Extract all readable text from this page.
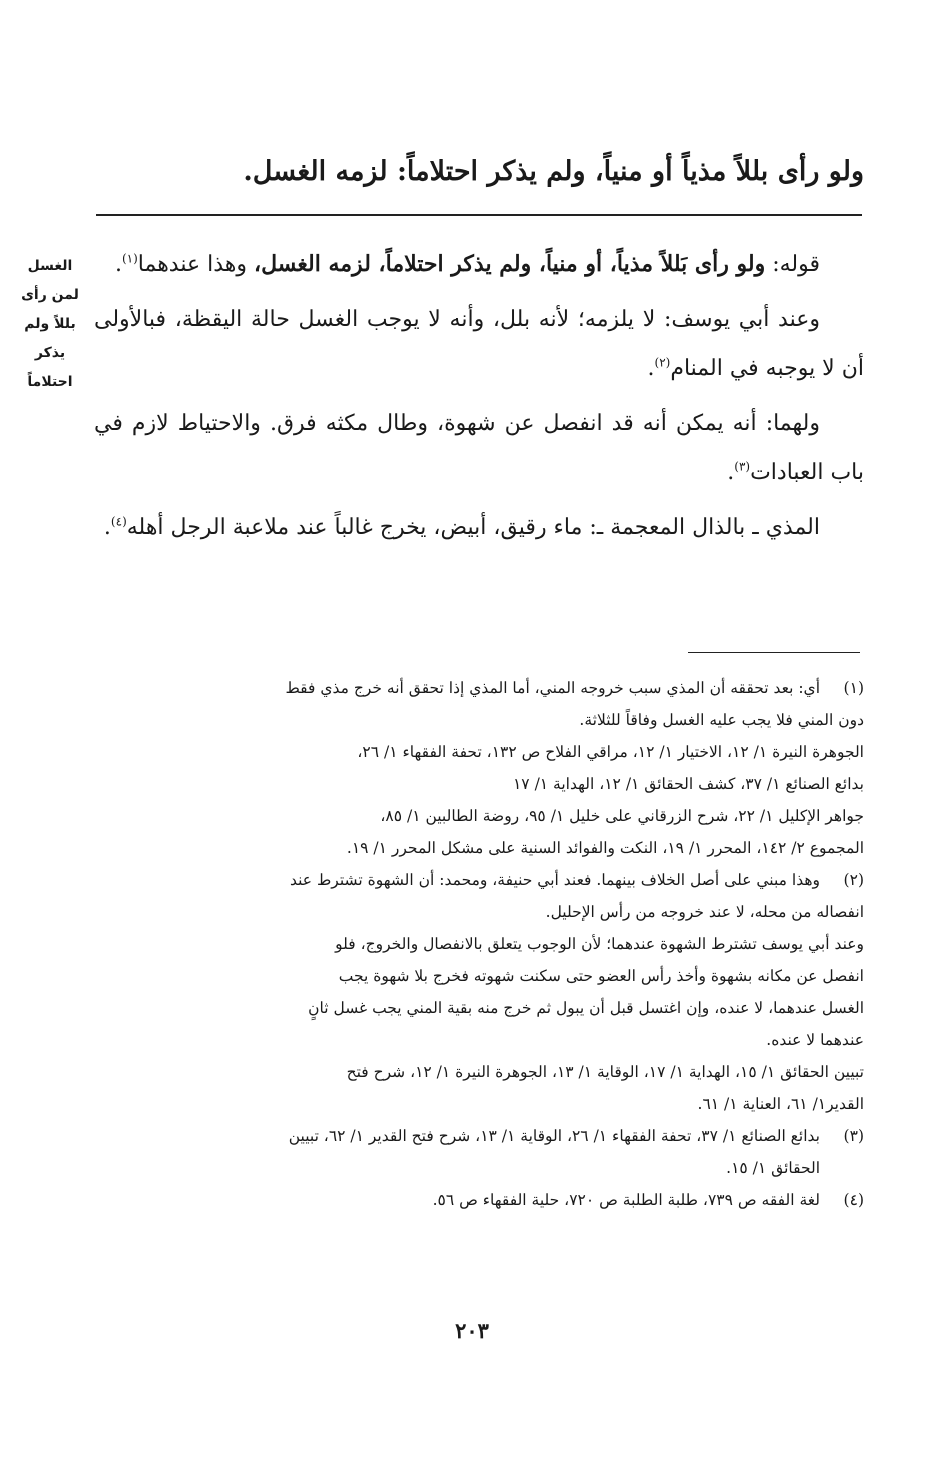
ولو رأى بللاً مذياً أو منياً، ولم يذكر احتلاماً: لزمه الغسل.
الغسل
لمن رأى
بللاً ولم
يذكر
احتلاماً

قوله: ولو رأى بَللاً مذياً، أو منياً، ولم يذكر احتلاماً، لزمه الغسل، وهذا عندهما$^{(١)}$.

وعند أبي يوسف: لا يلزمه؛ لأنه بلل، وأنه لا يوجب الغسل حالة اليقظة، فبالأولى أن لا يوجبه في المنام$^{(٢)}$.

ولهما: أنه يمكن أنه قد انفصل عن شهوة، وطال مكثه فرق. والاحتياط لازم في باب العبادات$^{(٣)}$.

المذي ـ بالذال المعجمة ـ: ماء رقيق، أبيض، يخرج غالباً عند ملاعبة الرجل أهله$^{(٤)}$.

(١)
أي: بعد تحققه أن المذي سبب خروجه المني، أما المذي إذا تحقق أنه خرج مذي فقط
دون المني فلا يجب عليه الغسل وفاقاً للثلاثة.
الجوهرة النيرة ١/ ١٢، الاختيار ١/ ١٢، مراقي الفلاح ص ١٣٢، تحفة الفقهاء ١/ ٢٦،
بدائع الصنائع ١/ ٣٧، كشف الحقائق ١/ ١٢، الهداية ١/ ١٧
جواهر الإكليل ١/ ٢٢، شرح الزرقاني على خليل ١/ ٩٥، روضة الطالبين ١/ ٨٥،
المجموع ٢/ ١٤٢، المحرر ١/ ١٩، النكت والفوائد السنية على مشكل المحرر ١/ ١٩.
(٢)
وهذا مبني على أصل الخلاف بينهما. فعند أبي حنيفة، ومحمد: أن الشهوة تشترط عند
انفصاله من محله، لا عند خروجه من رأس الإحليل.
وعند أبي يوسف تشترط الشهوة عندهما؛ لأن الوجوب يتعلق بالانفصال والخروج، فلو
انفصل عن مكانه بشهوة وأخذ رأس العضو حتى سكنت شهوته فخرج بلا شهوة يجب
الغسل عندهما، لا عنده، وإن اغتسل قبل أن يبول ثم خرج منه بقية المني يجب غسل ثانٍ
عندهما لا عنده.
تبيين الحقائق ١/ ١٥، الهداية ١/ ١٧، الوقاية ١/ ١٣، الجوهرة النيرة ١/ ١٢، شرح فتح
القدير١/ ٦١، العناية ١/ ٦١.
(٣)
بدائع الصنائع ١/ ٣٧، تحفة الفقهاء ١/ ٢٦، الوقاية ١/ ١٣، شرح فتح القدير ١/ ٦٢، تبيين
الحقائق ١/ ١٥.
(٤)
لغة الفقه ص ٧٣٩، طلبة الطلبة ص ٧٢٠، حلية الفقهاء ص ٥٦.
٢٠٣
